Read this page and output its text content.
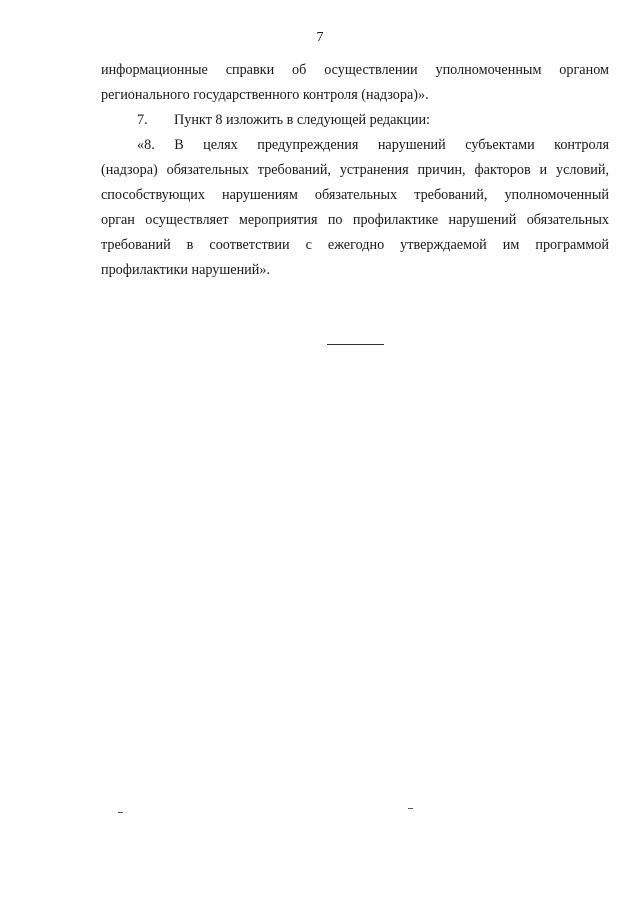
7
информационные справки об осуществлении уполномоченным органом
регионального государственного контроля (надзора)».
7. Пункт 8 изложить в следующей редакции:
«8. В целях предупреждения нарушений субъектами контроля
(надзора) обязательных требований, устранения причин, факторов и условий,
способствующих нарушениям обязательных требований, уполномоченный
орган осуществляет мероприятия по профилактике нарушений обязательных
требований в соответствии с ежегодно утверждаемой им программой
профилактики нарушений».
